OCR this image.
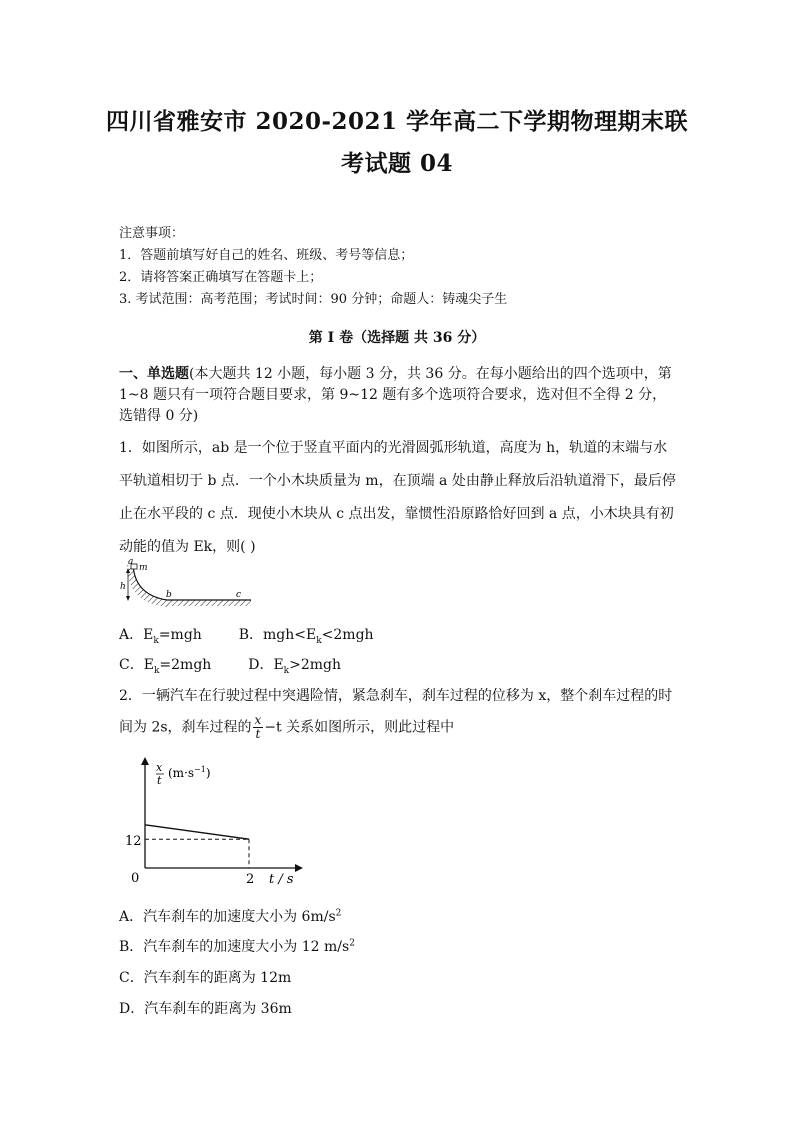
四川省雅安市 2020-2021 学年高二下学期物理期末联
考试题 04
注意事项：
1．答题前填写好自己的姓名、班级、考号等信息；
2．请将答案正确填写在答题卡上；
3. 考试范围：高考范围；考试时间：90 分钟；命题人：铸魂尖子生
第 I 卷（选择题 共 36 分）
一、单选题(本大题共 12 小题，每小题 3 分，共 36 分。在每小题给出的四个选项中，第 1~8 题只有一项符合题目要求，第 9~12 题有多个选项符合要求，选对但不全得 2 分，选错得 0 分)
1．如图所示，ab 是一个位于竖直平面内的光滑圆弧形轨道，高度为 h，轨道的末端与水平轨道相切于 b 点．一个小木块质量为 m，在顶端 a 处由静止释放后沿轨道滑下，最后停止在水平段的 c 点．现使小木块从 c 点出发，靠惯性沿原路恰好回到 a 点，小木块具有初动能的值为 Ek，则( )
a
m
h
b	c
A．$E_k=mgh$	B．$mgh<E_k<2mgh$
C．$E_k=2mgh$	D．$E_k>2mgh$
2．一辆汽车在行驶过程中突遇险情，紧急刹车，刹车过程的位移为 x，整个刹车过程的时
间为 2s，刹车过程的 $\frac{x}{t} -t$ 关系如图所示，则此过程中
x
t
$(m\cdot s^{-1})$
12
0	2 t / s
A．汽车刹车的加速度大小为 $6m/s^2$
B．汽车刹车的加速度大小为 12 $m/s^2$
C．汽车刹车的距离为 12m
D．汽车刹车的距离为 36m
